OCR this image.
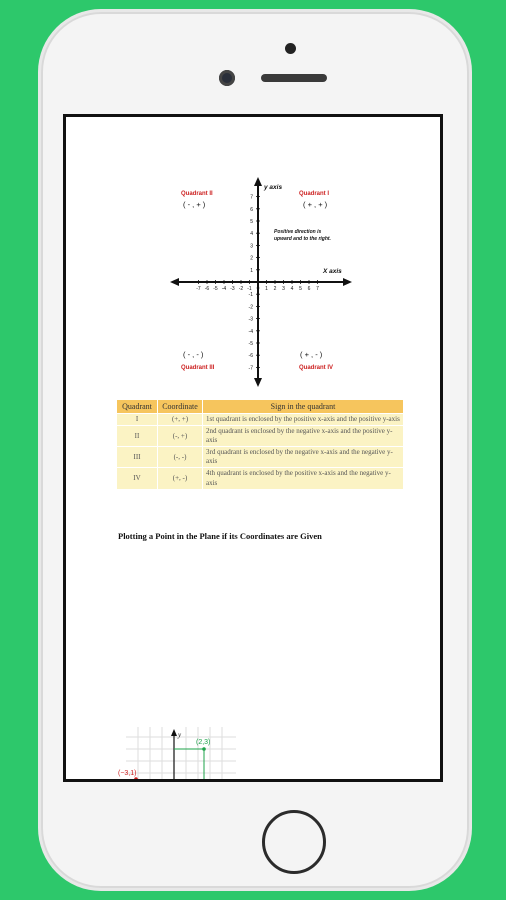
y axis
X axis
Quadrant II	Quadrant I
Quadrant III	Quadrant IV
( - , + )	( + , + )
( - , - )	( + , - )
Positive direction is
upward and to the right.
-7 -6 -5 -4 -3 -2 -1 0 1 2 3 4 5 6 7
7
6
5
4
3
2
1
-1
-2
-3
-4
-5
-6
-7
y
(2,3)
(−3,1)
Quadrant	Coordinate	Sign in the quadrant
I	(+, +)	1st quadrant is enclosed by the positive x-axis and the positive y-axis
II	(-, +)	2nd quadrant is enclosed by the negative x-axis and the positive y-axis
III	(-, -)	3rd quadrant is enclosed by the negative x-axis and the negative y-axis
IV	(+, -)	4th quadrant is enclosed by the positive x-axis and the negative y-axis
Plotting a Point in the Plane if its Coordinates are Given
